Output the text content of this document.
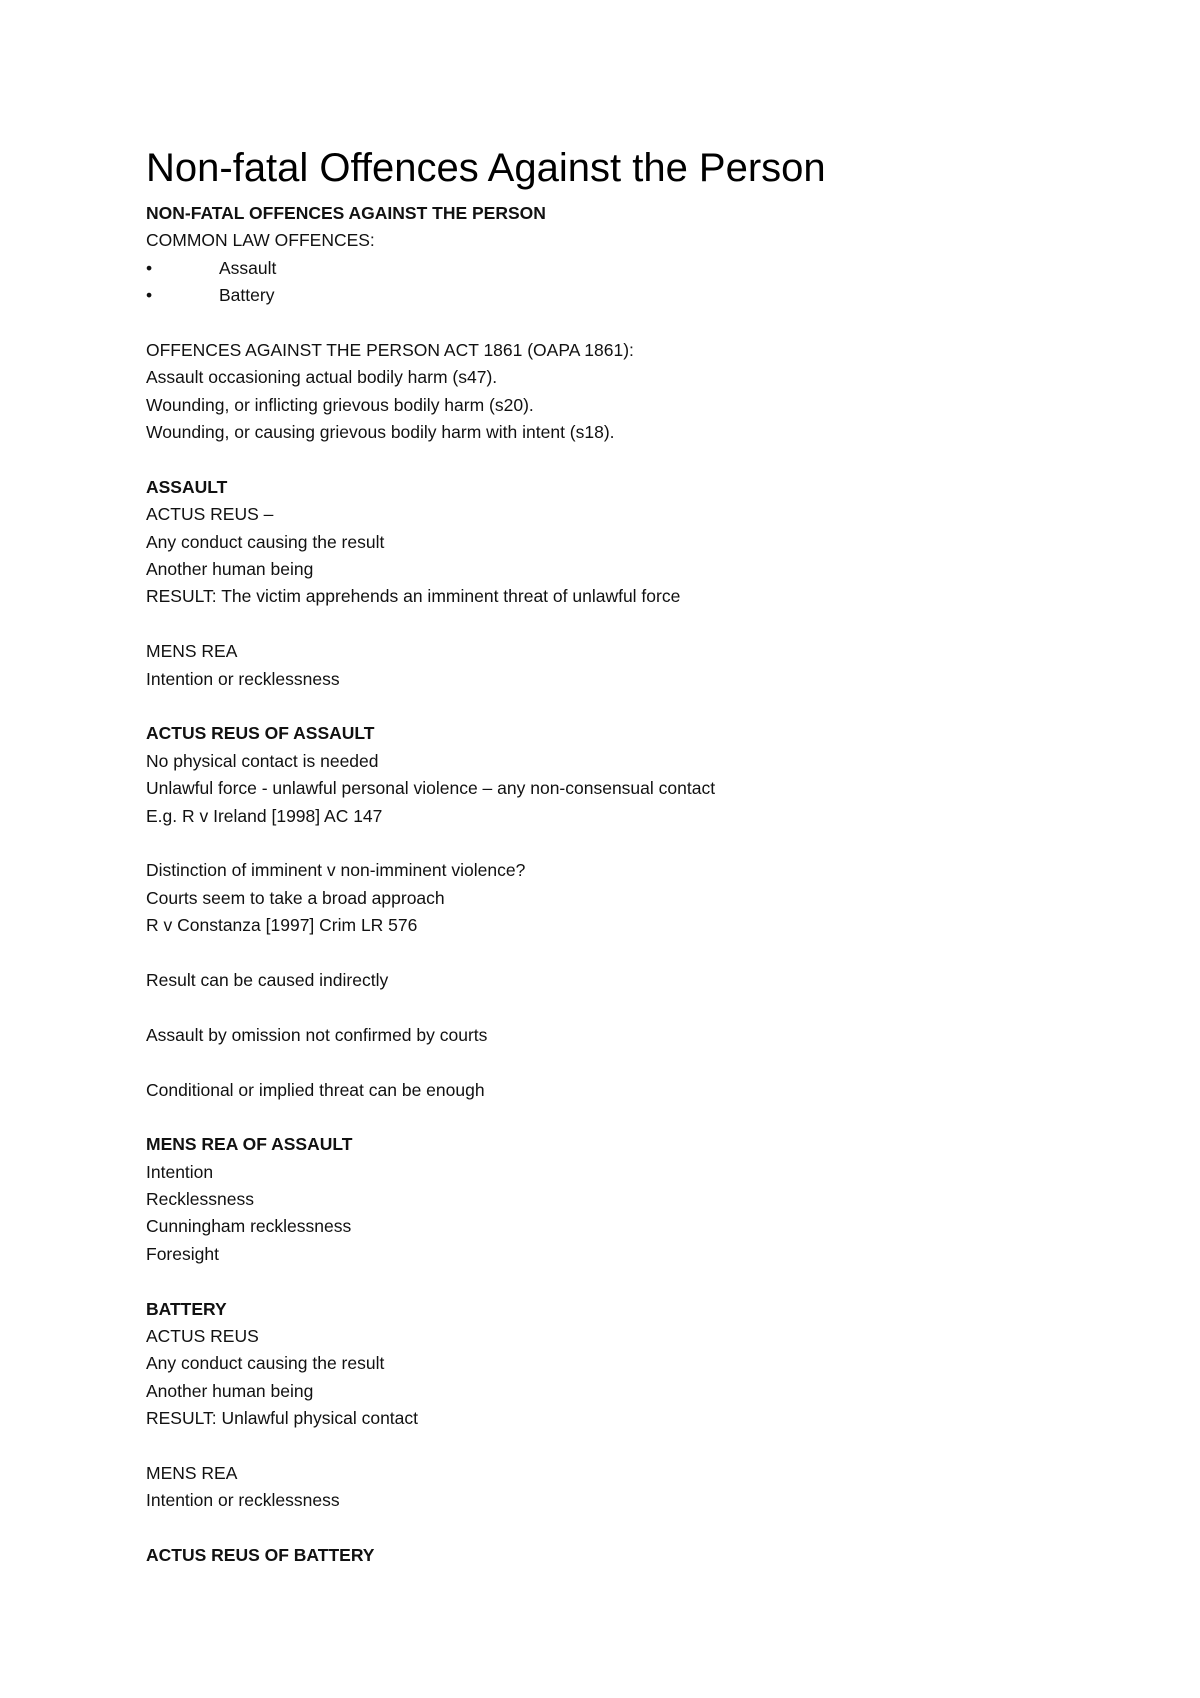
Non-fatal Offences Against the Person
NON-FATAL OFFENCES AGAINST THE PERSON
COMMON LAW OFFENCES:
•	Assault
•	Battery
OFFENCES AGAINST THE PERSON ACT 1861 (OAPA 1861):
Assault occasioning actual bodily harm (s47).
Wounding, or inflicting grievous bodily harm (s20).
Wounding, or causing grievous bodily harm with intent (s18).
ASSAULT
ACTUS REUS –
Any conduct causing the result
Another human being
RESULT: The victim apprehends an imminent threat of unlawful force
MENS REA
Intention or recklessness
ACTUS REUS OF ASSAULT
No physical contact is needed
Unlawful force - unlawful personal violence – any non-consensual contact
E.g. R v Ireland [1998] AC 147
Distinction of imminent v non-imminent violence?
Courts seem to take a broad approach
R v Constanza [1997] Crim LR 576
Result can be caused indirectly
Assault by omission not confirmed by courts
Conditional or implied threat can be enough
MENS REA OF ASSAULT
Intention
Recklessness
Cunningham recklessness
Foresight
BATTERY
ACTUS REUS
Any conduct causing the result
Another human being
RESULT: Unlawful physical contact
MENS REA
Intention or recklessness
ACTUS REUS OF BATTERY
